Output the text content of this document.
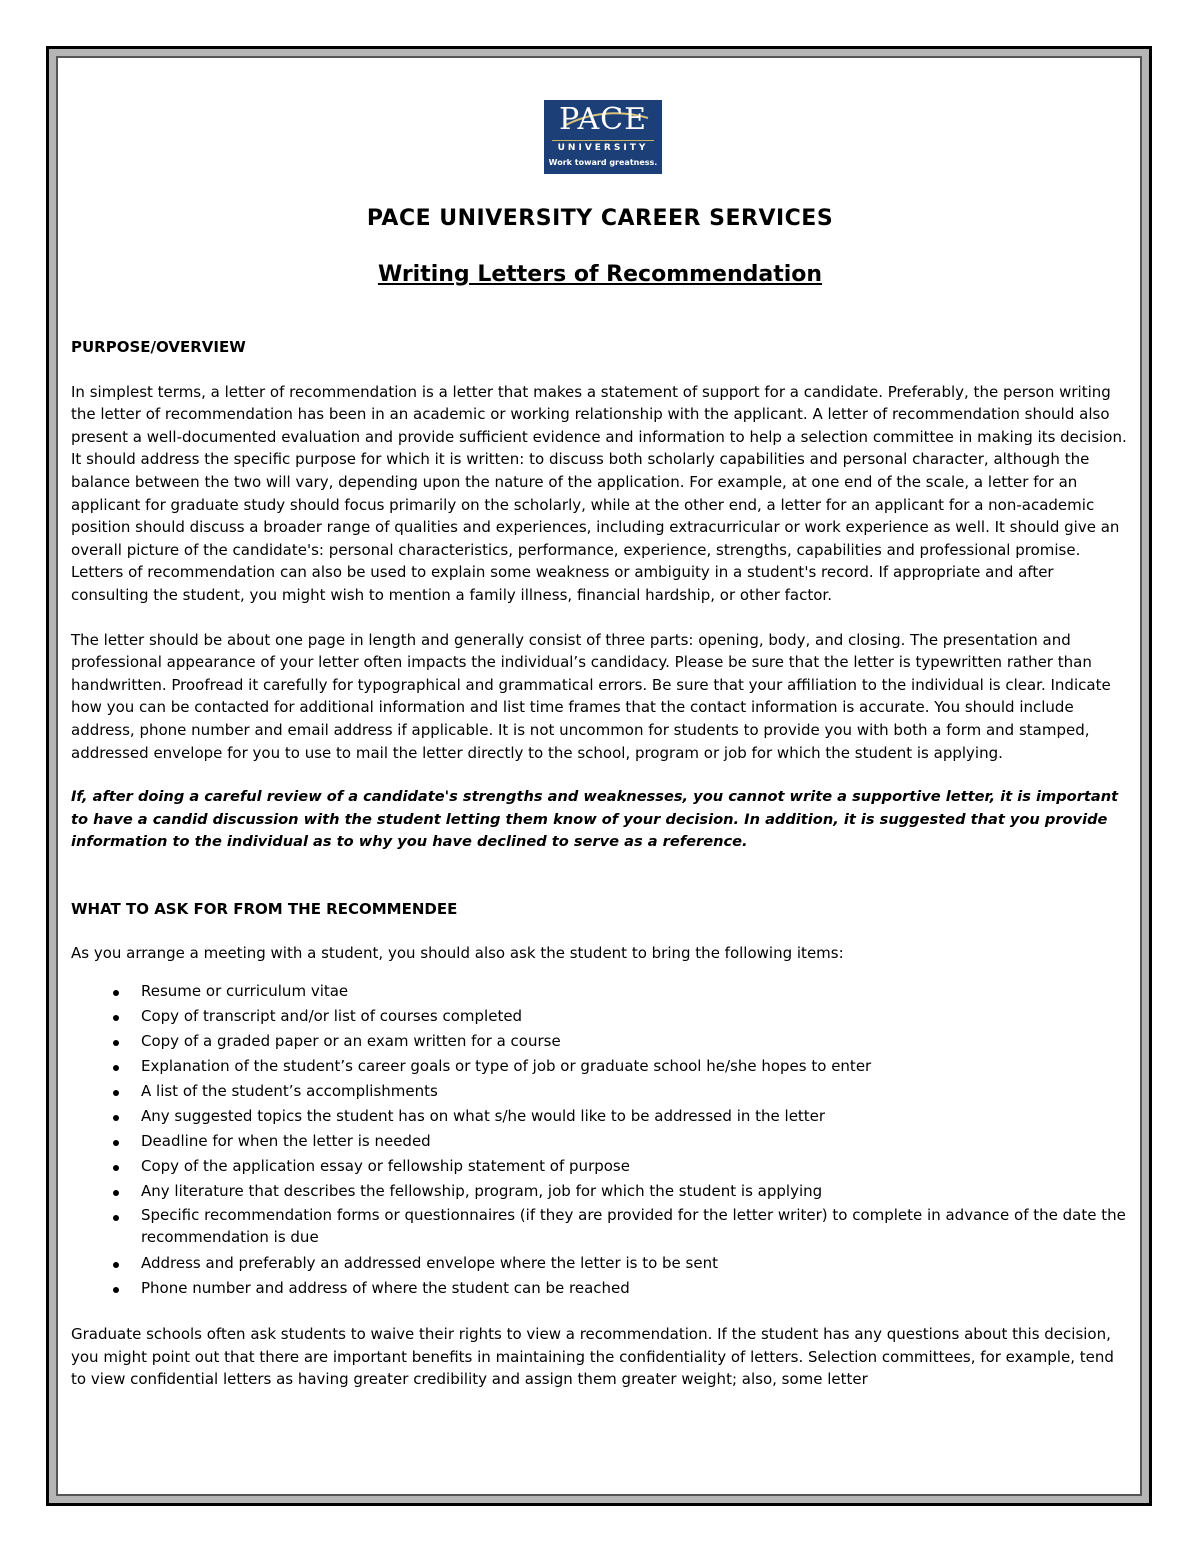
PACE
UNIVERSITY
Work toward greatness.
PACE UNIVERSITY CAREER SERVICES
Writing Letters of Recommendation
PURPOSE/OVERVIEW

In simplest terms, a letter of recommendation is a letter that makes a statement of support for a candidate. Preferably, the person writing the letter of recommendation has been in an academic or working relationship with the applicant. A letter of recommendation should also present a well-documented evaluation and provide sufficient evidence and information to help a selection committee in making its decision. It should address the specific purpose for which it is written: to discuss both scholarly capabilities and personal character, although the balance between the two will vary, depending upon the nature of the application. For example, at one end of the scale, a letter for an applicant for graduate study should focus primarily on the scholarly, while at the other end, a letter for an applicant for a non-academic position should discuss a broader range of qualities and experiences, including extracurricular or work experience as well. It should give an overall picture of the candidate's: personal characteristics, performance, experience, strengths, capabilities and professional promise. Letters of recommendation can also be used to explain some weakness or ambiguity in a student's record. If appropriate and after consulting the student, you might wish to mention a family illness, financial hardship, or other factor.

The letter should be about one page in length and generally consist of three parts: opening, body, and closing. The presentation and professional appearance of your letter often impacts the individual’s candidacy. Please be sure that the letter is typewritten rather than handwritten. Proofread it carefully for typographical and grammatical errors. Be sure that your affiliation to the individual is clear. Indicate how you can be contacted for additional information and list time frames that the contact information is accurate. You should include address, phone number and email address if applicable. It is not uncommon for students to provide you with both a form and stamped, addressed envelope for you to use to mail the letter directly to the school, program or job for which the student is applying.

If, after doing a careful review of a candidate's strengths and weaknesses, you cannot write a supportive letter, it is important to have a candid discussion with the student letting them know of your decision. In addition, it is suggested that you provide information to the individual as to why you have declined to serve as a reference.

WHAT TO ASK FOR FROM THE RECOMMENDEE

As you arrange a meeting with a student, you should also ask the student to bring the following items:

Resume or curriculum vitae
Copy of transcript and/or list of courses completed
Copy of a graded paper or an exam written for a course
Explanation of the student’s career goals or type of job or graduate school he/she hopes to enter
A list of the student’s accomplishments
Any suggested topics the student has on what s/he would like to be addressed in the letter
Deadline for when the letter is needed
Copy of the application essay or fellowship statement of purpose
Any literature that describes the fellowship, program, job for which the student is applying
Specific recommendation forms or questionnaires (if they are provided for the letter writer) to complete in advance of the date the recommendation is due
Address and preferably an addressed envelope where the letter is to be sent
Phone number and address of where the student can be reached

Graduate schools often ask students to waive their rights to view a recommendation. If the student has any questions about this decision, you might point out that there are important benefits in maintaining the confidentiality of letters. Selection committees, for example, tend to view confidential letters as having greater credibility and assign them greater weight; also, some letter
